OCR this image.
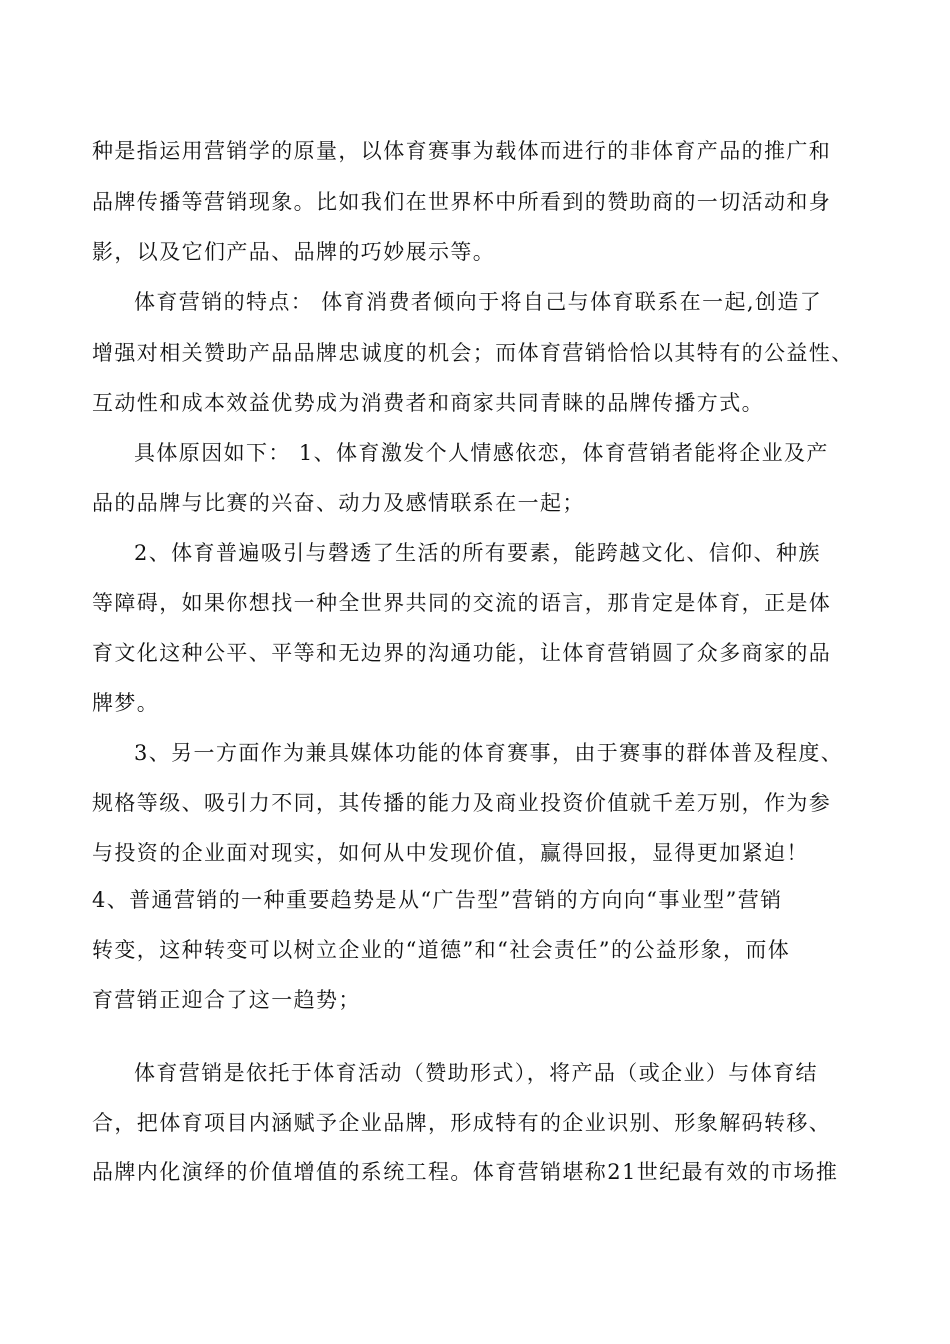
种是指运用营销学的原量，以体育赛事为载体而进行的非体育产品的推广和
品牌传播等营销现象。比如我们在世界杯中所看到的赞助商的一切活动和身
影，以及它们产品、品牌的巧妙展示等。
体育营销的特点： 体育消费者倾向于将自己与体育联系在一起,创造了
增强对相关赞助产品品牌忠诚度的机会；而体育营销恰恰以其特有的公益性、
互动性和成本效益优势成为消费者和商家共同青睐的品牌传播方式。
具体原因如下： 1、体育激发个人情感依恋，体育营销者能将企业及产
品的品牌与比赛的兴奋、动力及感情联系在一起；
2、体育普遍吸引与磬透了生活的所有要素，能跨越文化、信仰、种族
等障碍，如果你想找一种全世界共同的交流的语言，那肯定是体育，正是体
育文化这种公平、平等和无边界的沟通功能，让体育营销圆了众多商家的品
牌梦。
3、另一方面作为兼具媒体功能的体育赛事，由于赛事的群体普及程度、
规格等级、吸引力不同，其传播的能力及商业投资价值就千差万别，作为参
与投资的企业面对现实，如何从中发现价值，赢得回报，显得更加紧迫！
4、普通营销的一种重要趋势是从“广告型”营销的方向向“事业型”营销
转变，这种转变可以树立企业的“道德”和“社会责任”的公益形象，而体
育营销正迎合了这一趋势；
体育营销是依托于体育活动（赞助形式），将产品（或企业）与体育结
合，把体育项目内涵赋予企业品牌，形成特有的企业识别、形象解码转移、
品牌内化演绎的价值增值的系统工程。体育营销堪称21世纪最有效的市场推
